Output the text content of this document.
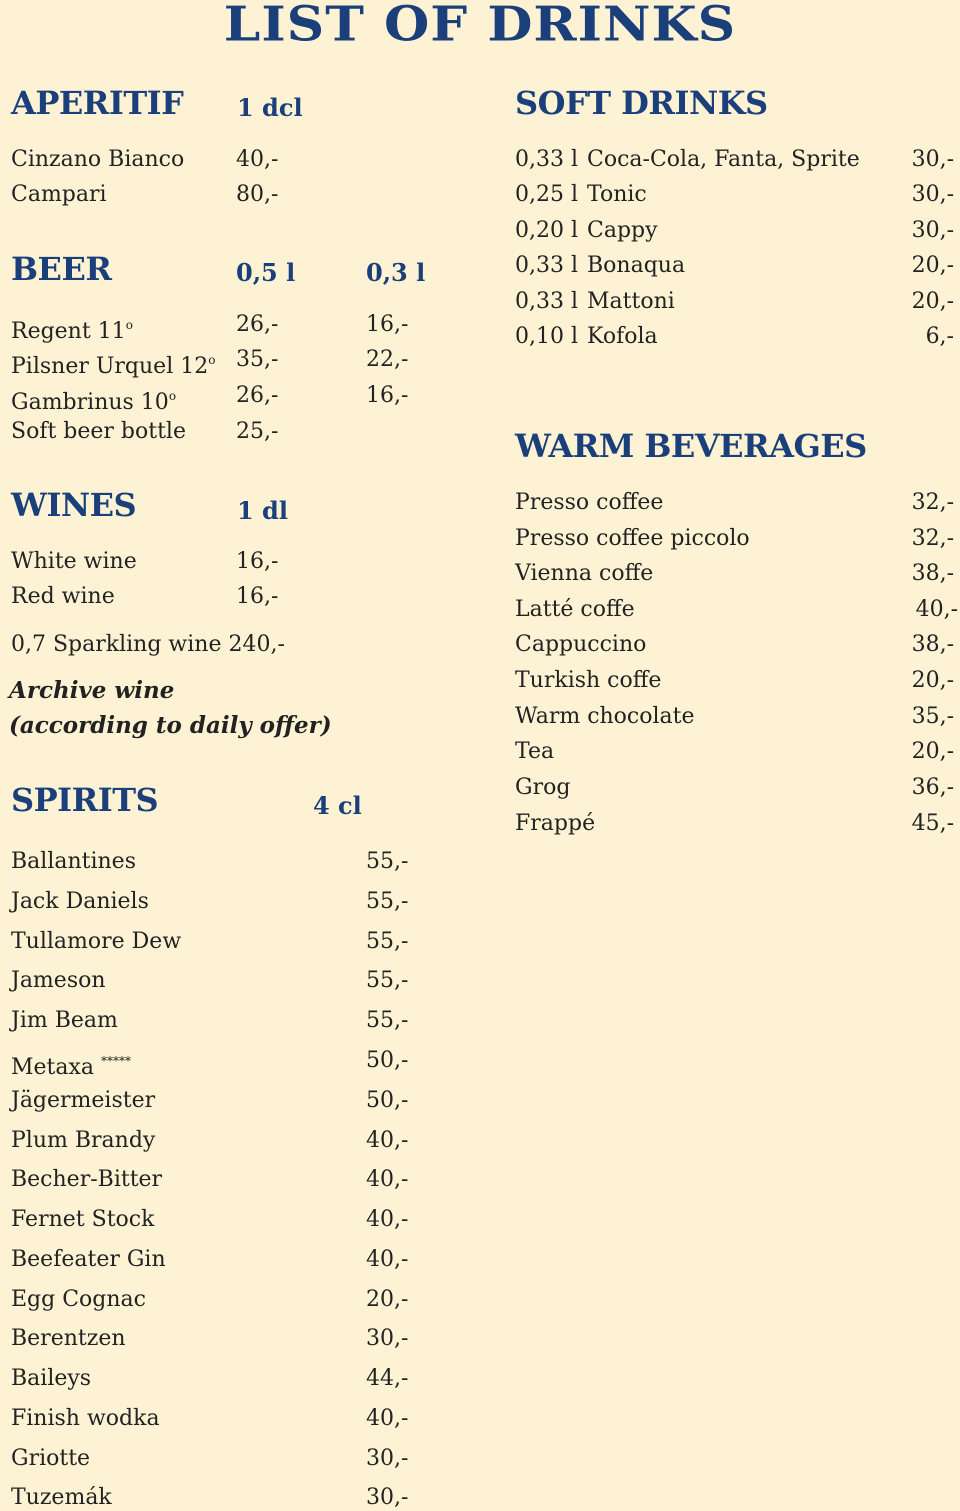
LIST OF DRINKS
APERITIF 1 dcl
Cinzano Bianco 40,-
Campari	80,-
BEER	0,5 l	0,3 l
Regent 11$^o$	26,-	16,-
Pilsner Urquel 12$^o$ 35,-	22,-
Gambrinus 10$^o$	26,-	16,-
Soft beer bottle 25,-
WINES	1 dl
White wine	16,-
Red wine	16,-
0,7 Sparkling wine 240,-
Archive wine
(according to daily offer)
SPIRITS	4 cl
Ballantines	55,-
Jack Daniels	55,-
Tullamore Dew	55,-
Jameson	55,-
Jim Beam	55,-
Metaxa *****	50,-
Jägermeister	50,-
Plum Brandy	40,-
Becher-Bitter	40,-
Fernet Stock	40,-
Beefeater Gin	40,-
Egg Cognac	20,-
Berentzen	30,-
Baileys	44,-
Finish wodka	40,-
Griotte	30,-
Tuzemák	30,-
SOFT DRINKS
0,33 l Coca-Cola, Fanta, Sprite 30,-
0,25 l Tonic	30,-
0,20 l Cappy	30,-
0,33 l Bonaqua	20,-
0,33 l Mattoni	20,-
0,10 l Kofola	6,-
WARM BEVERAGES
Presso coffee	32,-
Presso coffee piccolo	32,-
Vienna coffe	38,-
Latté coffe	40,-
Cappuccino	38,-
Turkish coffe	20,-
Warm chocolate	35,-
Tea	20,-
Grog	36,-
Frappé	45,-
